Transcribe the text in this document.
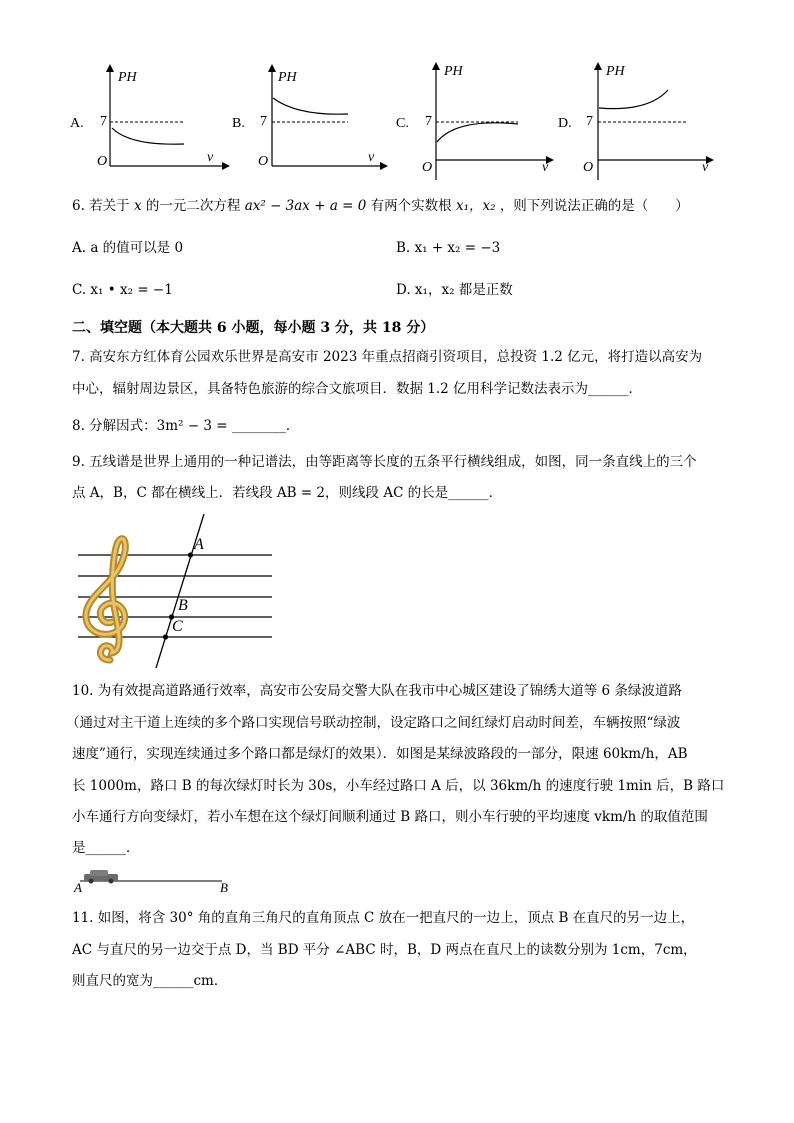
A.
PH
7
O	v
B.
PH
7
O	v
C.
PH
7
O	v
D.
PH
7
O	v
6. 若关于 x 的一元二次方程 ax² − 3ax + a = 0 有两个实数根 x₁，x₂ ，则下列说法正确的是（　　）
A. a 的值可以是 0	B. x₁ + x₂ = −3
C. x₁ • x₂ = −1	D. x₁，x₂ 都是正数
二、填空题（本大题共 6 小题，每小题 3 分，共 18 分）
7. 高安东方红体育公园欢乐世界是高安市 2023 年重点招商引资项目，总投资 1.2 亿元，将打造以高安为
中心，辐射周边景区，具备特色旅游的综合文旅项目．数据 1.2 亿用科学记数法表示为______．
8. 分解因式：3m² − 3 = ________．
9. 五线谱是世界上通用的一种记谱法，由等距离等长度的五条平行横线组成，如图，同一条直线上的三个
点 A，B，C 都在横线上．若线段 AB = 2，则线段 AC 的长是______．
A
B
C
10. 为有效提高道路通行效率，高安市公安局交警大队在我市中心城区建设了锦绣大道等 6 条绿波道路
（通过对主干道上连续的多个路口实现信号联动控制，设定路口之间红绿灯启动时间差，车辆按照“绿波
速度”通行，实现连续通过多个路口都是绿灯的效果）．如图是某绿波路段的一部分，限速 60km/h，AB
长 1000m，路口 B 的每次绿灯时长为 30s，小车经过路口 A 后，以 36km/h 的速度行驶 1min 后，B 路口
小车通行方向变绿灯，若小车想在这个绿灯间顺利通过 B 路口，则小车行驶的平均速度 vkm/h 的取值范围
是______．
A	B
11. 如图，将含 30° 角的直角三角尺的直角顶点 C 放在一把直尺的一边上，顶点 B 在直尺的另一边上，
AC 与直尺的另一边交于点 D，当 BD 平分 ∠ABC 时，B，D 两点在直尺上的读数分别为 1cm，7cm，
则直尺的宽为______cm．
